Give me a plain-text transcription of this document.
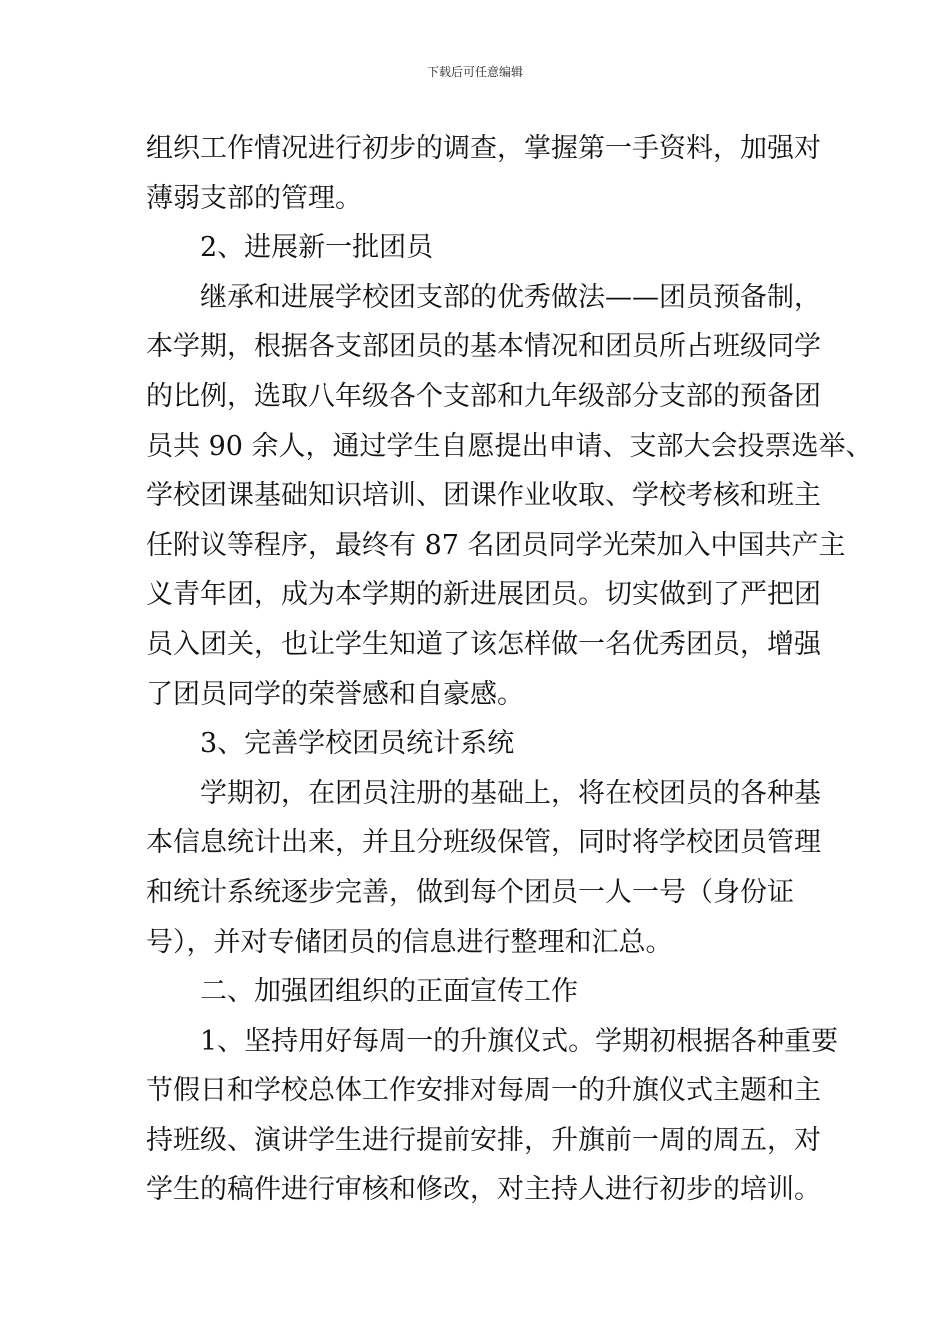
下载后可任意编辑
组织工作情况进行初步的调查，掌握第一手资料，加强对
薄弱支部的管理。
2、进展新一批团员
继承和进展学校团支部的优秀做法——团员预备制，
本学期，根据各支部团员的基本情况和团员所占班级同学
的比例，选取八年级各个支部和九年级部分支部的预备团
员共 90 余人，通过学生自愿提出申请、支部大会投票选举、
学校团课基础知识培训、团课作业收取、学校考核和班主
任附议等程序，最终有 87 名团员同学光荣加入中国共产主
义青年团，成为本学期的新进展团员。切实做到了严把团
员入团关，也让学生知道了该怎样做一名优秀团员，增强
了团员同学的荣誉感和自豪感。
3、完善学校团员统计系统
学期初，在团员注册的基础上，将在校团员的各种基
本信息统计出来，并且分班级保管，同时将学校团员管理
和统计系统逐步完善，做到每个团员一人一号（身份证
号），并对专储团员的信息进行整理和汇总。
二、加强团组织的正面宣传工作
1、坚持用好每周一的升旗仪式。学期初根据各种重要
节假日和学校总体工作安排对每周一的升旗仪式主题和主
持班级、演讲学生进行提前安排，升旗前一周的周五，对
学生的稿件进行审核和修改，对主持人进行初步的培训。
